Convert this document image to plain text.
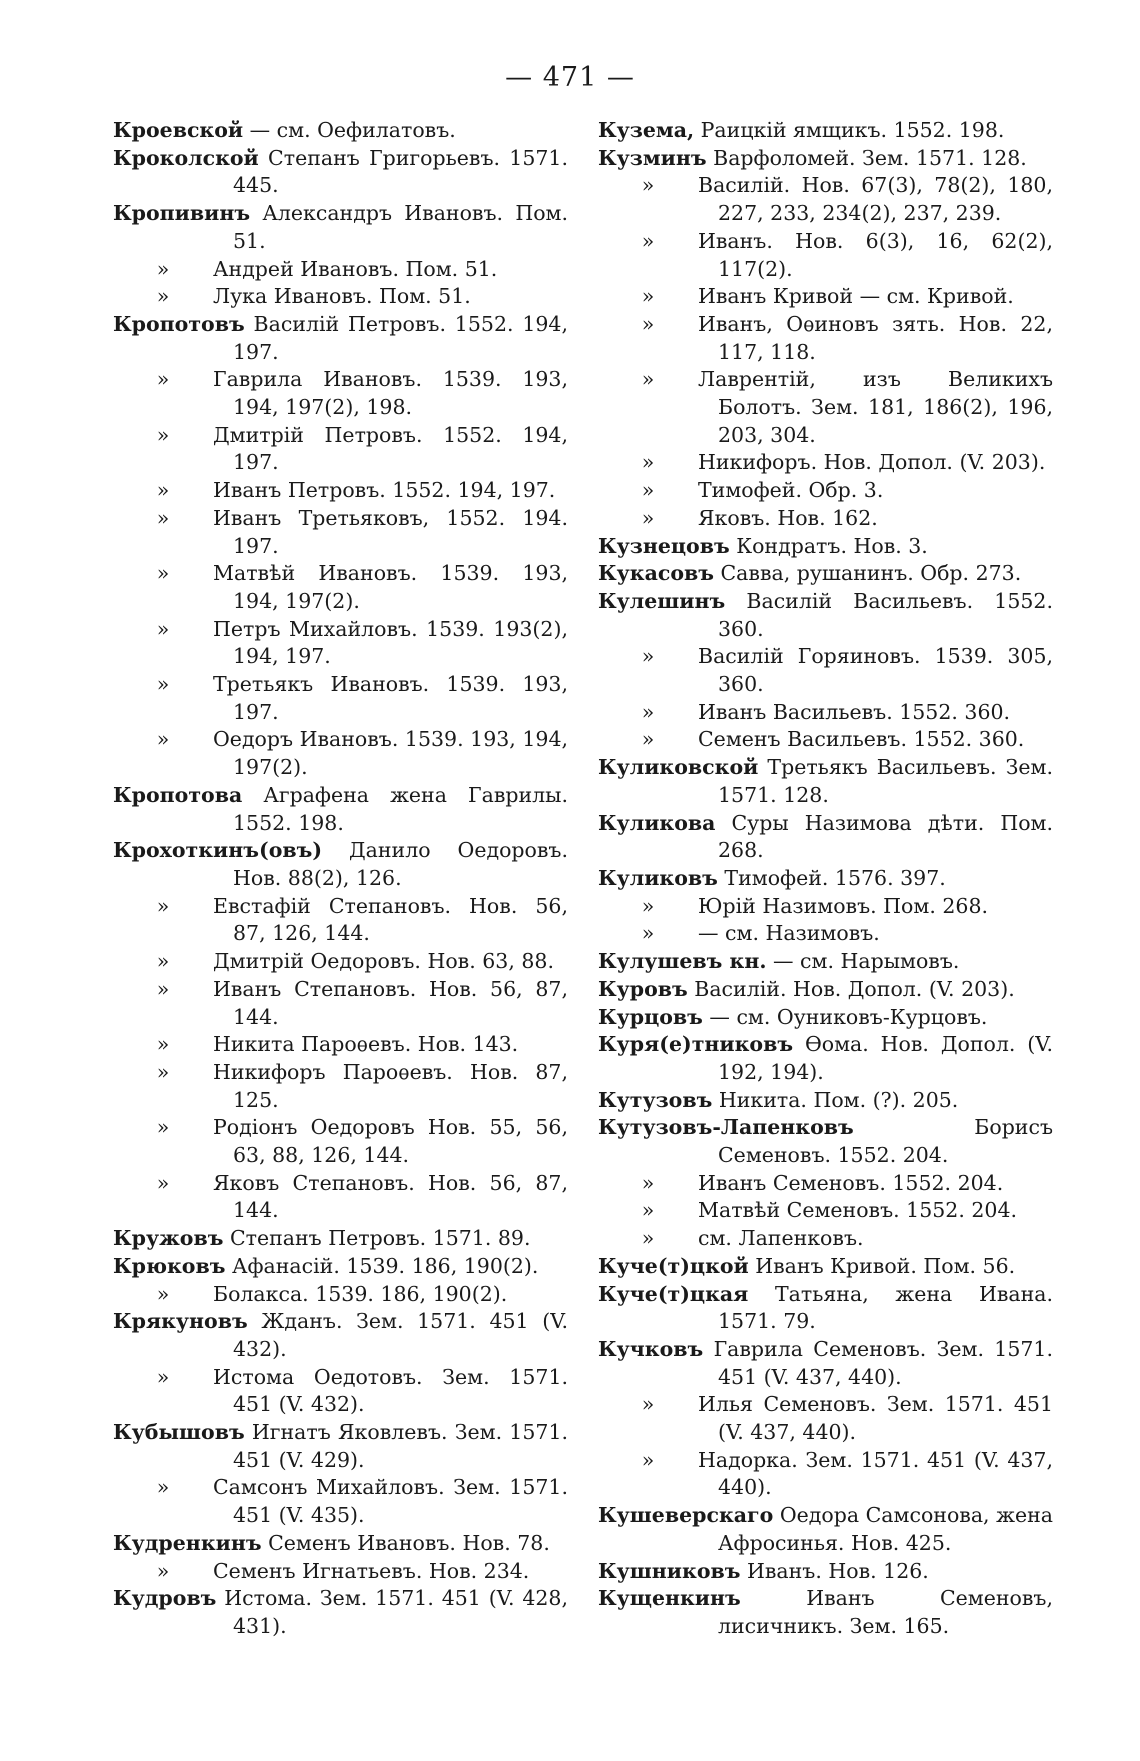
— 471 —
Кроевской — см. Оефилатовъ.
Кроколской Степанъ Григорьевъ. 1571. 445.
Кропивинъ Александръ Ивановъ. Пом. 51.
» Андрей Ивановъ. Пом. 51.
» Лука Ивановъ. Пом. 51.
Кропотовъ Василій Петровъ. 1552. 194, 197.
» Гаврила Ивановъ. 1539. 193, 194, 197(2), 198.
» Дмитрій Петровъ. 1552. 194, 197.
» Иванъ Петровъ. 1552. 194, 197.
» Иванъ Третьяковъ, 1552. 194. 197.
» Матвѣй Ивановъ. 1539. 193, 194, 197(2).
» Петръ Михайловъ. 1539. 193(2), 194, 197.
» Третьякъ Ивановъ. 1539. 193, 197.
» Оедоръ Ивановъ. 1539. 193, 194, 197(2).
Кропотова Аграфена жена Гаврилы. 1552. 198.
Крохоткинъ(овъ) Данило Оедоровъ. Нов. 88(2), 126.
» Евстафій Степановъ. Нов. 56, 87, 126, 144.
» Дмитрій Оедоровъ. Нов. 63, 88.
» Иванъ Степановъ. Нов. 56, 87, 144.
» Никита Пароѳевъ. Нов. 143.
» Никифоръ Пароѳевъ. Нов. 87, 125.
» Родіонъ Оедоровъ Нов. 55, 56, 63, 88, 126, 144.
» Яковъ Степановъ. Нов. 56, 87, 144.
Кружовъ Степанъ Петровъ. 1571. 89.
Крюковъ Афанасій. 1539. 186, 190(2).
» Болакса. 1539. 186, 190(2).
Крякуновъ Жданъ. Зем. 1571. 451 (V. 432).
» Истома Оедотовъ. Зем. 1571. 451 (V. 432).
Кубышовъ Игнатъ Яковлевъ. Зем. 1571. 451 (V. 429).
» Самсонъ Михайловъ. Зем. 1571. 451 (V. 435).
Кудренкинъ Семенъ Ивановъ. Нов. 78.
» Семенъ Игнатьевъ. Нов. 234.
Кудровъ Истома. Зем. 1571. 451 (V. 428, 431).
Кузема, Раицкій ямщикъ. 1552. 198.
Кузминъ Варфоломей. Зем. 1571. 128.
» Василій. Нов. 67(3), 78(2), 180, 227, 233, 234(2), 237, 239.
» Иванъ. Нов. 6(3), 16, 62(2), 117(2).
» Иванъ Кривой — см. Кривой.
» Иванъ, Оѳиновъ зять. Нов. 22, 117, 118.
» Лаврентій, изъ Великихъ Болотъ. Зем. 181, 186(2), 196, 203, 304.
» Никифоръ. Нов. Допол. (V. 203).
» Тимофей. Обр. 3.
» Яковъ. Нов. 162.
Кузнецовъ Кондратъ. Нов. 3.
Кукасовъ Савва, рушанинъ. Обр. 273.
Кулешинъ Василій Васильевъ. 1552. 360.
» Василій Горяиновъ. 1539. 305, 360.
» Иванъ Васильевъ. 1552. 360.
» Семенъ Васильевъ. 1552. 360.
Куликовской Третьякъ Васильевъ. Зем. 1571. 128.
Куликова Суры Назимова дѣти. Пом. 268.
Куликовъ Тимофей. 1576. 397.
» Юрій Назимовъ. Пом. 268.
» — см. Назимовъ.
Кулушевъ кн. — см. Нарымовъ.
Куровъ Василій. Нов. Допол. (V. 203).
Курцовъ — см. Оуниковъ-Курцовъ.
Куря(е)тниковъ Ѳома. Нов. Допол. (V. 192, 194).
Кутузовъ Никита. Пом. (?). 205.
Кутузовъ-Лапенковъ Борисъ Семеновъ. 1552. 204.
» Иванъ Семеновъ. 1552. 204.
» Матвѣй Семеновъ. 1552. 204.
» см. Лапенковъ.
Куче(т)цкой Иванъ Кривой. Пом. 56.
Куче(т)цкая Татьяна, жена Ивана. 1571. 79.
Кучковъ Гаврила Семеновъ. Зем. 1571. 451 (V. 437, 440).
» Илья Семеновъ. Зем. 1571. 451 (V. 437, 440).
» Надорка. Зем. 1571. 451 (V. 437, 440).
Кушеверскаго Оедора Самсонова, жена Афросинья. Нов. 425.
Кушниковъ Иванъ. Нов. 126.
Кущенкинъ Иванъ Семеновъ, лисичникъ. Зем. 165.
